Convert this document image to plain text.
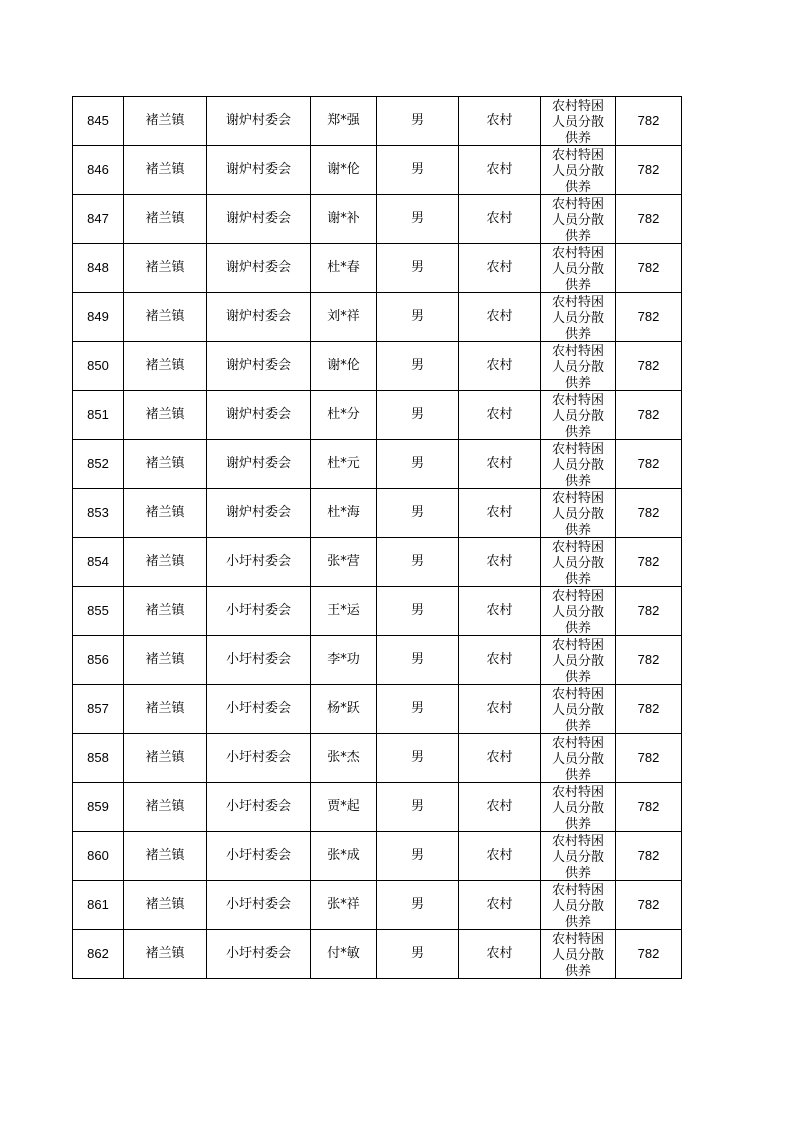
845	褚兰镇	谢炉村委会	郑*强	男	农村	农村特困
人员分散
供养	782
846	褚兰镇	谢炉村委会	谢*伦	男	农村	农村特困
人员分散
供养	782
847	褚兰镇	谢炉村委会	谢*补	男	农村	农村特困
人员分散
供养	782
848	褚兰镇	谢炉村委会	杜*春	男	农村	农村特困
人员分散
供养	782
849	褚兰镇	谢炉村委会	刘*祥	男	农村	农村特困
人员分散
供养	782
850	褚兰镇	谢炉村委会	谢*伦	男	农村	农村特困
人员分散
供养	782
851	褚兰镇	谢炉村委会	杜*分	男	农村	农村特困
人员分散
供养	782
852	褚兰镇	谢炉村委会	杜*元	男	农村	农村特困
人员分散
供养	782
853	褚兰镇	谢炉村委会	杜*海	男	农村	农村特困
人员分散
供养	782
854	褚兰镇	小圩村委会	张*营	男	农村	农村特困
人员分散
供养	782
855	褚兰镇	小圩村委会	王*运	男	农村	农村特困
人员分散
供养	782
856	褚兰镇	小圩村委会	李*功	男	农村	农村特困
人员分散
供养	782
857	褚兰镇	小圩村委会	杨*跃	男	农村	农村特困
人员分散
供养	782
858	褚兰镇	小圩村委会	张*杰	男	农村	农村特困
人员分散
供养	782
859	褚兰镇	小圩村委会	贾*起	男	农村	农村特困
人员分散
供养	782
860	褚兰镇	小圩村委会	张*成	男	农村	农村特困
人员分散
供养	782
861	褚兰镇	小圩村委会	张*祥	男	农村	农村特困
人员分散
供养	782
862	褚兰镇	小圩村委会	付*敏	男	农村	农村特困
人员分散
供养	782
